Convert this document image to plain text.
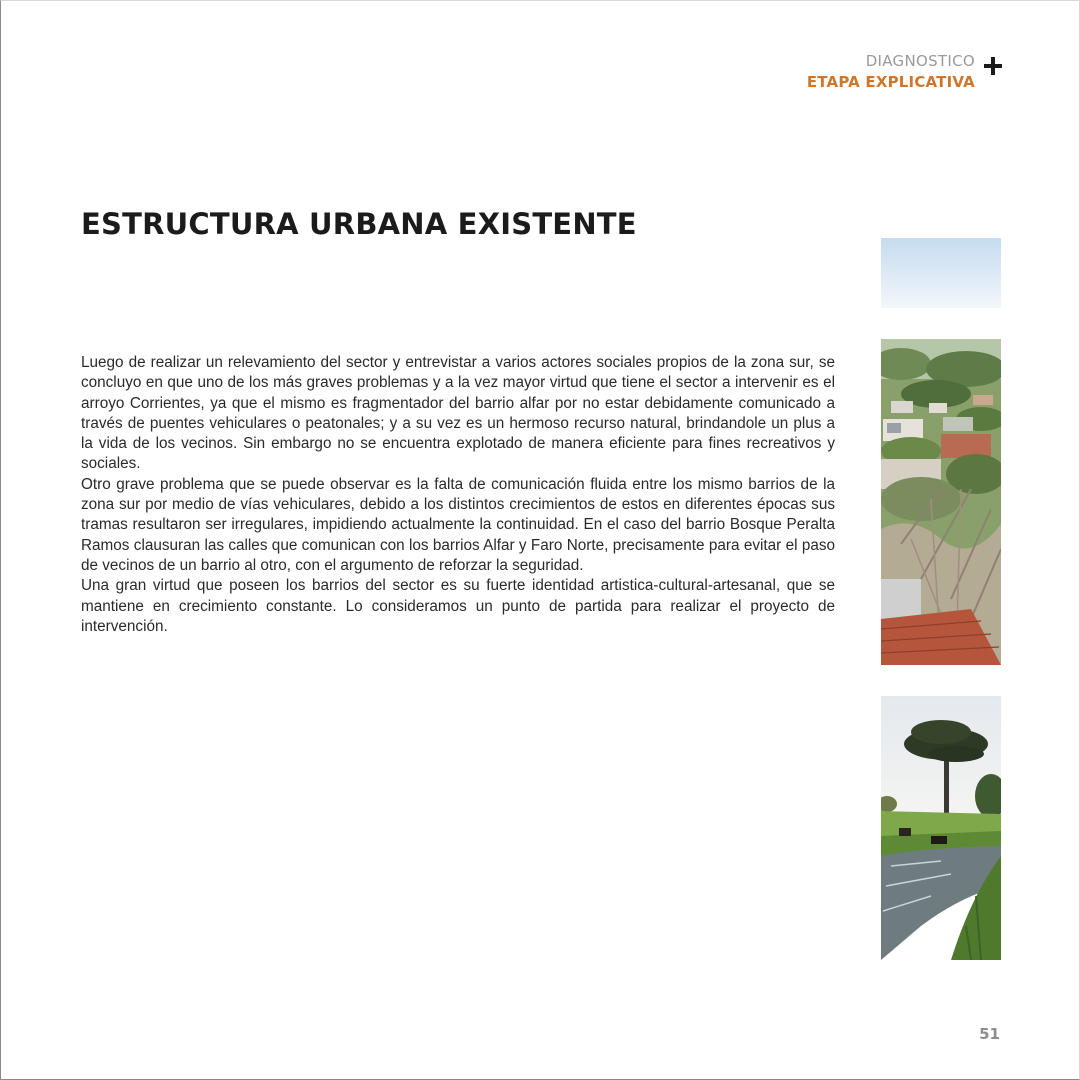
DIAGNOSTICO
ETAPA EXPLICATIVA
ESTRUCTURA URBANA EXISTENTE

Luego de realizar un relevamiento del sector y entrevistar a varios actores sociales propios de la zona sur, se concluyo en que uno de los más graves problemas y a la vez mayor virtud que tiene el sector a intervenir es el arroyo Corrientes, ya que el mismo es fragmentador del barrio alfar por no estar debidamente comunicado a través de puentes vehiculares o peatonales; y a su vez es un hermoso recurso natural, brindandole un plus a la vida de los vecinos. Sin embargo no se encuentra explotado de manera eficiente para fines recreativos y sociales.

Otro grave problema que se puede observar es la falta de comunicación fluida entre los mismo barrios de la zona sur por medio de vías vehiculares, debido a los distintos crecimientos de estos en diferentes épocas sus tramas resultaron ser irregulares, impidiendo actualmente la continuidad. En el caso del barrio Bosque Peralta Ramos clausuran las calles que comunican con los barrios Alfar y Faro Norte, precisamente para evitar el paso de vecinos de un barrio al otro, con el argumento de reforzar la seguridad.

Una gran virtud que poseen los barrios del sector es su fuerte identidad artistica-cultural-artesanal, que se mantiene en crecimiento constante. Lo consideramos un punto de partida para realizar el proyecto de intervención.

51
